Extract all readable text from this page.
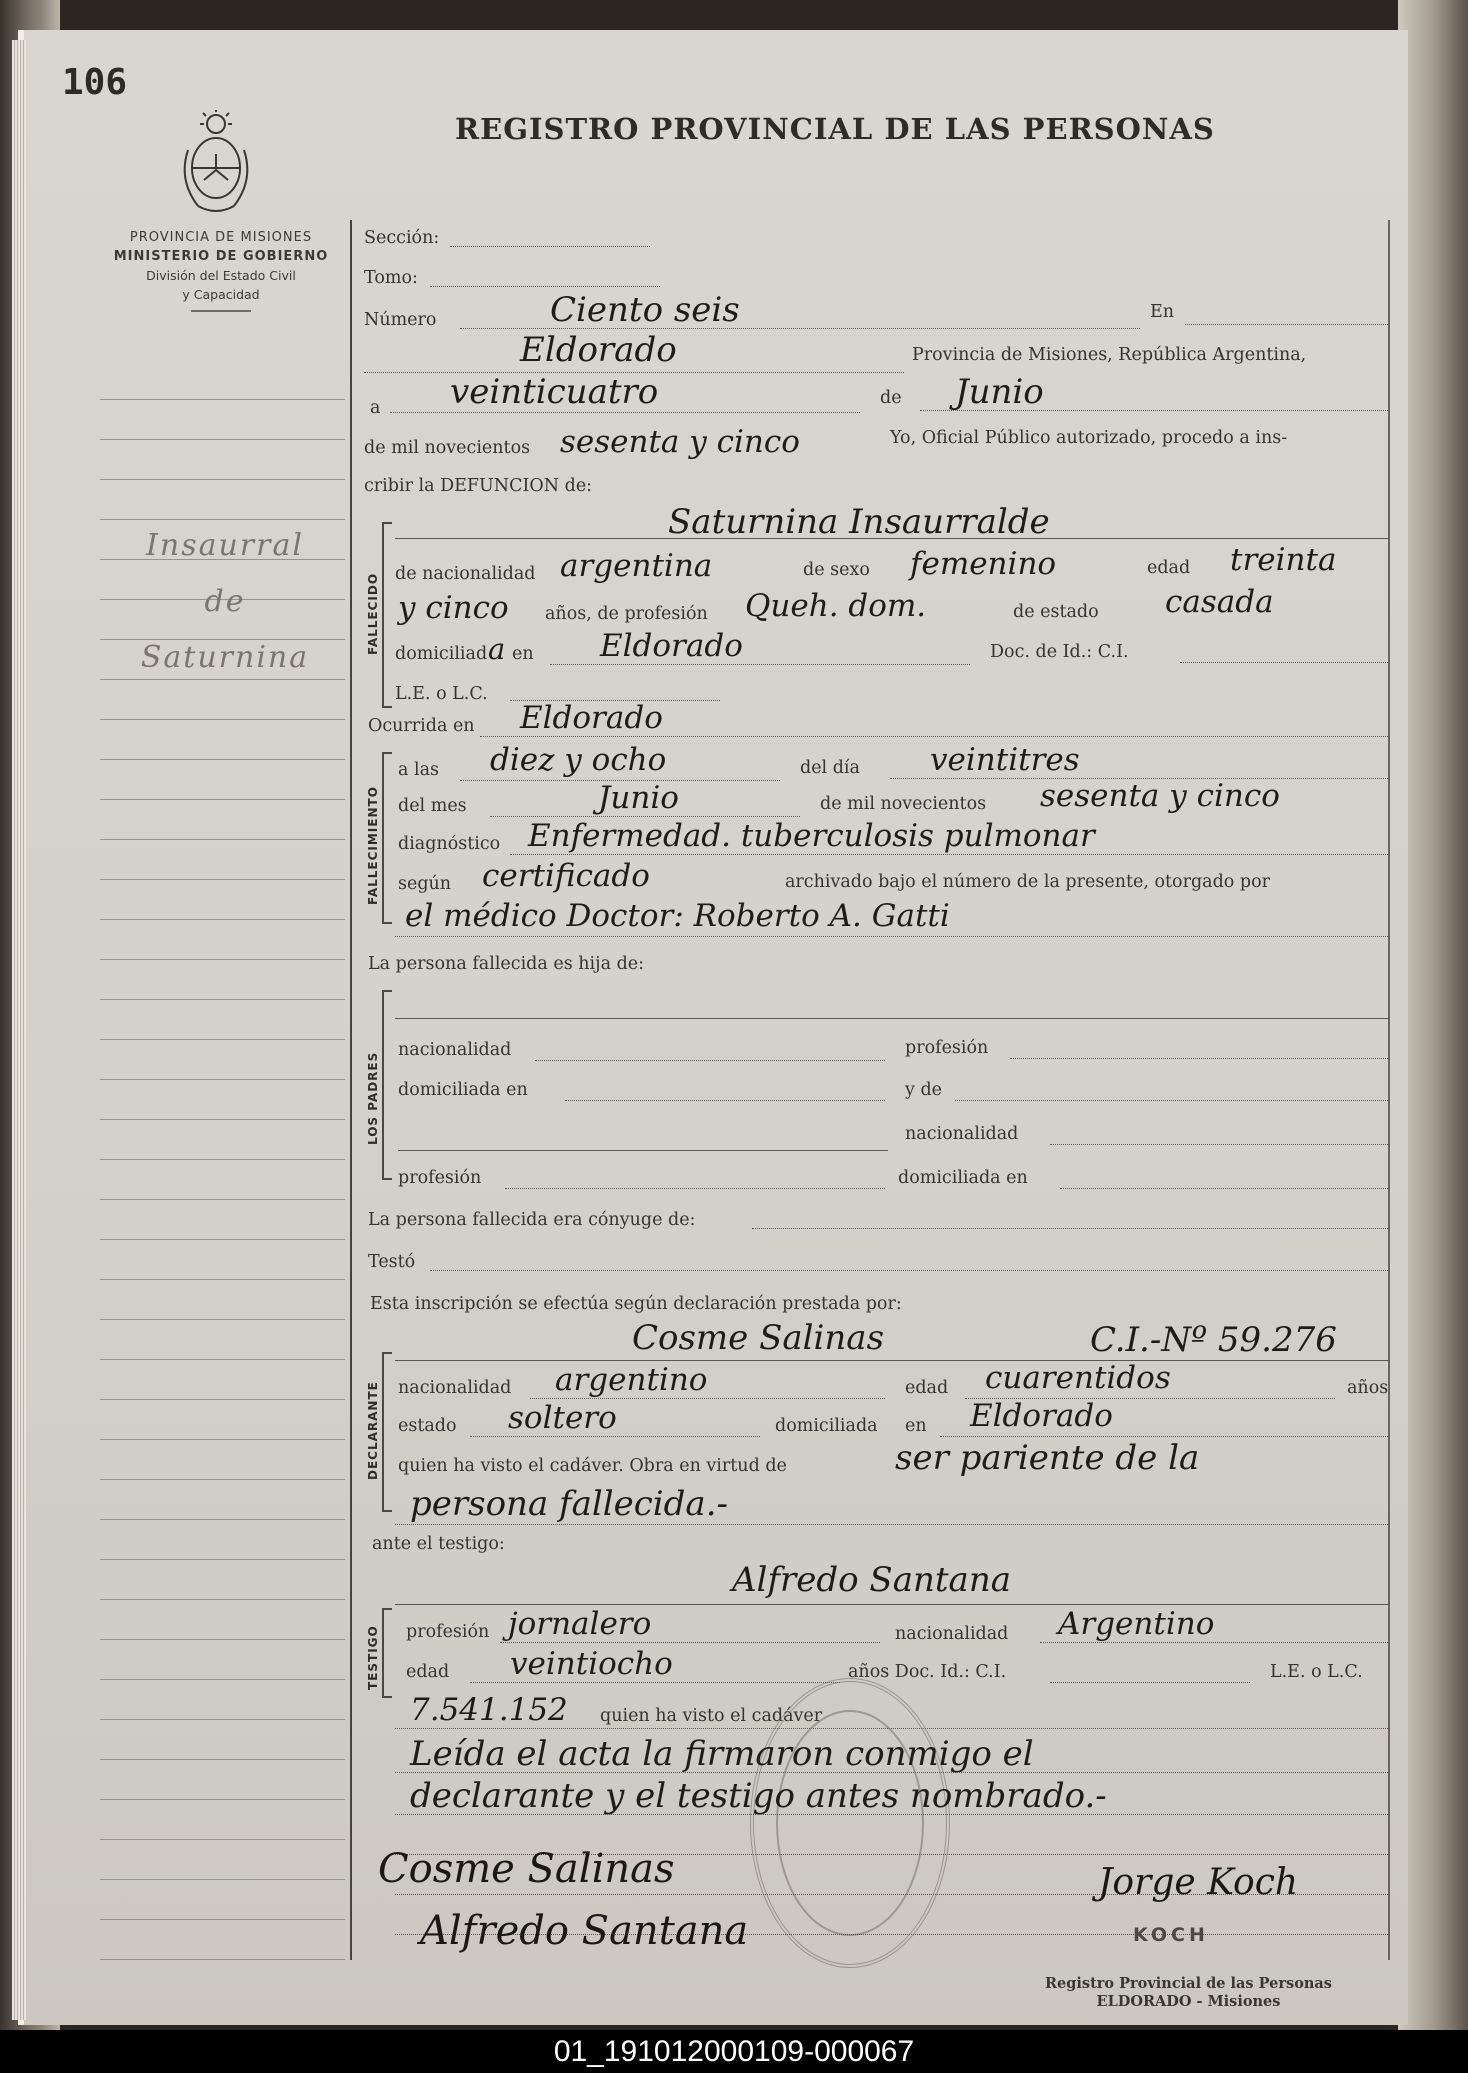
106
REGISTRO PROVINCIAL DE LAS PERSONAS
PROVINCIA DE MISIONES
MINISTERIO DE GOBIERNO
División del Estado Civil
y Capacidad
Insaurral
de
Saturnina
Sección:
Tomo:
Número	Ciento seis	En
Eldorado	Provincia de Misiones, República Argentina,
a veinticuatro	de Junio
de mil novecientos sesenta y cinco	Yo, Oficial Público autorizado, procedo a ins-
cribir la DEFUNCION de:
FALLECIDO
Saturnina Insaurralde
de nacionalidad argentina	de sexo femenino	edad treinta
y cinco años, de profesión Queh. dom.	de estado casada
domiciliad a en Eldorado	Doc. de Id.: C.I.
L.E. o L.C.
Ocurrida en Eldorado
FALLECIMIENTO
a las diez y ocho	del día veintitres
del mes	Junio	de mil novecientos sesenta y cinco
diagnóstico Enfermedad. tuberculosis pulmonar
según certificado	archivado bajo el número de la presente, otorgado por
el médico Doctor: Roberto A. Gatti
La persona fallecida es hija de:
LOS PADRES
nacionalidad	profesión
domiciliada en	y de
nacionalidad
profesión	domiciliada en
La persona fallecida era cónyuge de:
Testó
Esta inscripción se efectúa según declaración prestada por:
DECLARANTE
Cosme Salinas	C.I.-Nº 59.276
nacionalidad argentino	edad cuarentidos	años
estado soltero	domiciliada en Eldorado
quien ha visto el cadáver. Obra en virtud de	ser pariente de la
persona fallecida.-
ante el testigo:
TESTIGO
Alfredo Santana
profesión jornalero	nacionalidad Argentino
edad veintiocho	años Doc. Id.: C.I.	L.E. o L.C.
7.541.152 quien ha visto el cadáver
Leída el acta la firmaron conmigo el
declarante y el testigo antes nombrado.-
Cosme Salinas
Alfredo Santana
Jorge Koch
KOCH
Registro Provincial de las Personas
ELDORADO - Misiones
01_191012000109-000067
